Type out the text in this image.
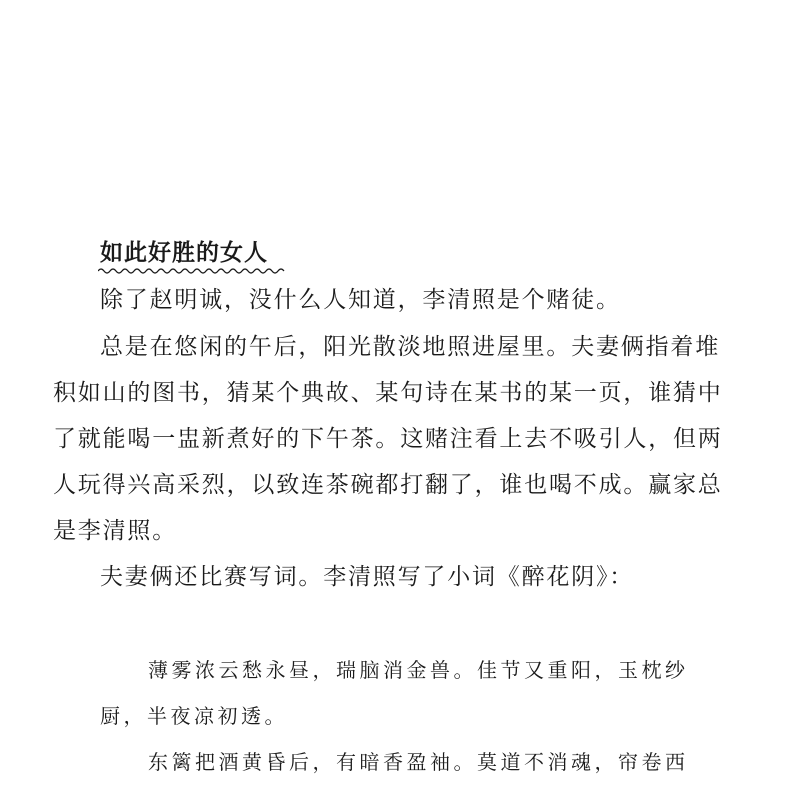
如此好胜的女人
除了赵明诚，没什么人知道，李清照是个赌徒。
总是在悠闲的午后，阳光散淡地照进屋里。夫妻俩指着堆
积如山的图书，猜某个典故、某句诗在某书的某一页，谁猜中
了就能喝一盅新煮好的下午茶。这赌注看上去不吸引人，但两
人玩得兴高采烈，以致连茶碗都打翻了，谁也喝不成。赢家总
是李清照。
夫妻俩还比赛写词。李清照写了小词《醉花阴》：
薄雾浓云愁永昼，瑞脑消金兽。佳节又重阳，玉枕纱
厨，半夜凉初透。
东篱把酒黄昏后，有暗香盈袖。莫道不消魂，帘卷西
